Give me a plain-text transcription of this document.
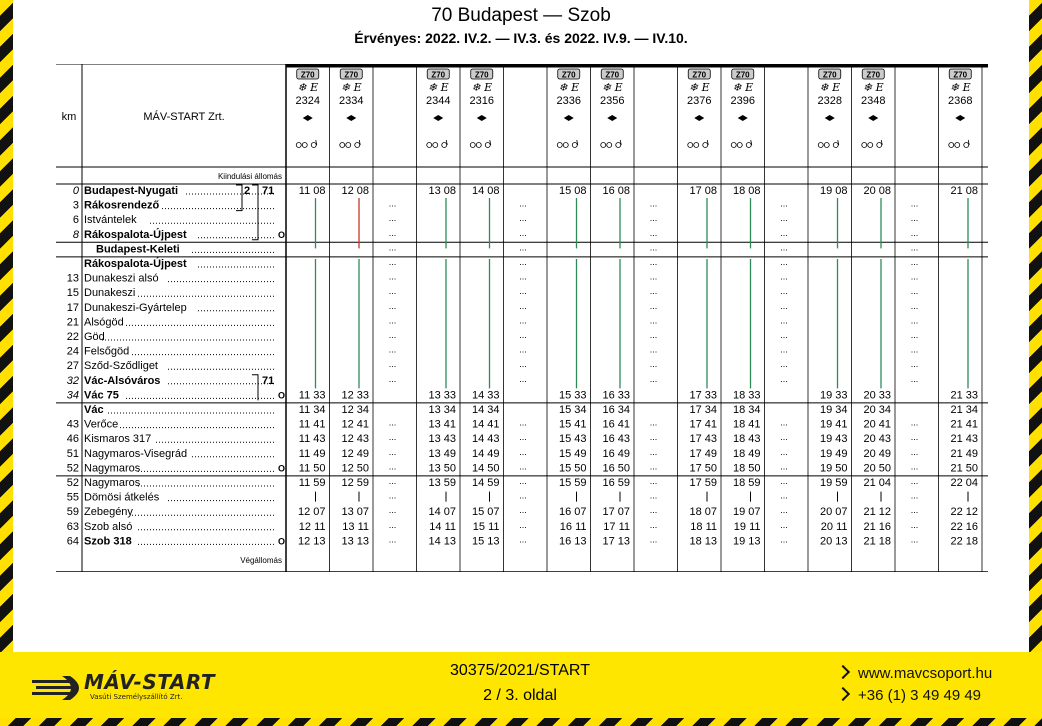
70 Budapest — Szob
Érvényes: 2022. IV.2. — IV.3. és 2022. IV.9. — IV.10.
km	MÁV-START Zrt.
Kiindulási állomás
Végállomás
Z70
❄ E
2324
Z70
❄ E
2334
Z70
❄ E
2344
Z70
❄ E
2316
Z70
❄ E
2336
Z70
❄ E
2356
Z70
❄ E
2376
Z70
❄ E
2396
Z70
❄ E
2328
Z70
❄ E
2348
Z70
❄ E
2368
0 Budapest-Nyugati
3 Rákosrendező
6 Istvántelek
8 Rákospalota-Újpest
Budapest-Keleti
Rákospalota-Újpest
13 Dunakeszi alsó
15 Dunakeszi
17 Dunakeszi-Gyártelep
21 Alsógöd
22 Göd
24 Felsőgöd
27 Sződ-Sződliget
32 Vác-Alsóváros
34 Vác 75
Vác
43 Verőce
46 Kismaros 317
51 Nagymaros-Visegrád
52 Nagymaros
52 Nagymaros
55 Dömösi átkelés
59 Zebegény
63 Szob alsó
64 Szob 318
2 71
71
O
O
O
O
11 08
11 33
11 34
11 41
11 43
11 49
11 50
11 59
12 07
12 11
12 13
12 08
12 33
12 34
12 41
12 43
12 49
12 50
12 59
13 07
13 11
13 13
...
...
...
...
...
...
...
...
...
...
...
...
...
...
...
...
...
...
...
...
...
...
13 08
13 33
13 34
13 41
13 43
13 49
13 50
13 59
14 07
14 11
14 13
14 08
14 33
14 34
14 41
14 43
14 49
14 50
14 59
15 07
15 11
15 13
...
...
...
...
...
...
...
...
...
...
...
...
...
...
...
...
...
...
...
...
...
...
15 08
15 33
15 34
15 41
15 43
15 49
15 50
15 59
16 07
16 11
16 13
16 08
16 33
16 34
16 41
16 43
16 49
16 50
16 59
17 07
17 11
17 13
...
...
...
...
...
...
...
...
...
...
...
...
...
...
...
...
...
...
...
...
...
...
17 08
17 33
17 34
17 41
17 43
17 49
17 50
17 59
18 07
18 11
18 13
18 08
18 33
18 34
18 41
18 43
18 49
18 50
18 59
19 07
19 11
19 13
...
...
...
...
...
...
...
...
...
...
...
...
...
...
...
...
...
...
...
...
...
...
19 08
19 33
19 34
19 41
19 43
19 49
19 50
19 59
20 07
20 11
20 13
20 08
20 33
20 34
20 41
20 43
20 49
20 50
21 04
21 12
21 16
21 18
...
...
...
...
...
...
...
...
...
...
...
...
...
...
...
...
...
...
...
...
...
...
21 08
21 33
21 34
21 41
21 43
21 49
21 50
22 04
22 12
22 16
22 18
MÁV-START
Vasúti Személyszállító Zrt.
30375/2021/START
2 / 3. oldal
www.mavcsoport.hu
+36 (1) 3 49 49 49
